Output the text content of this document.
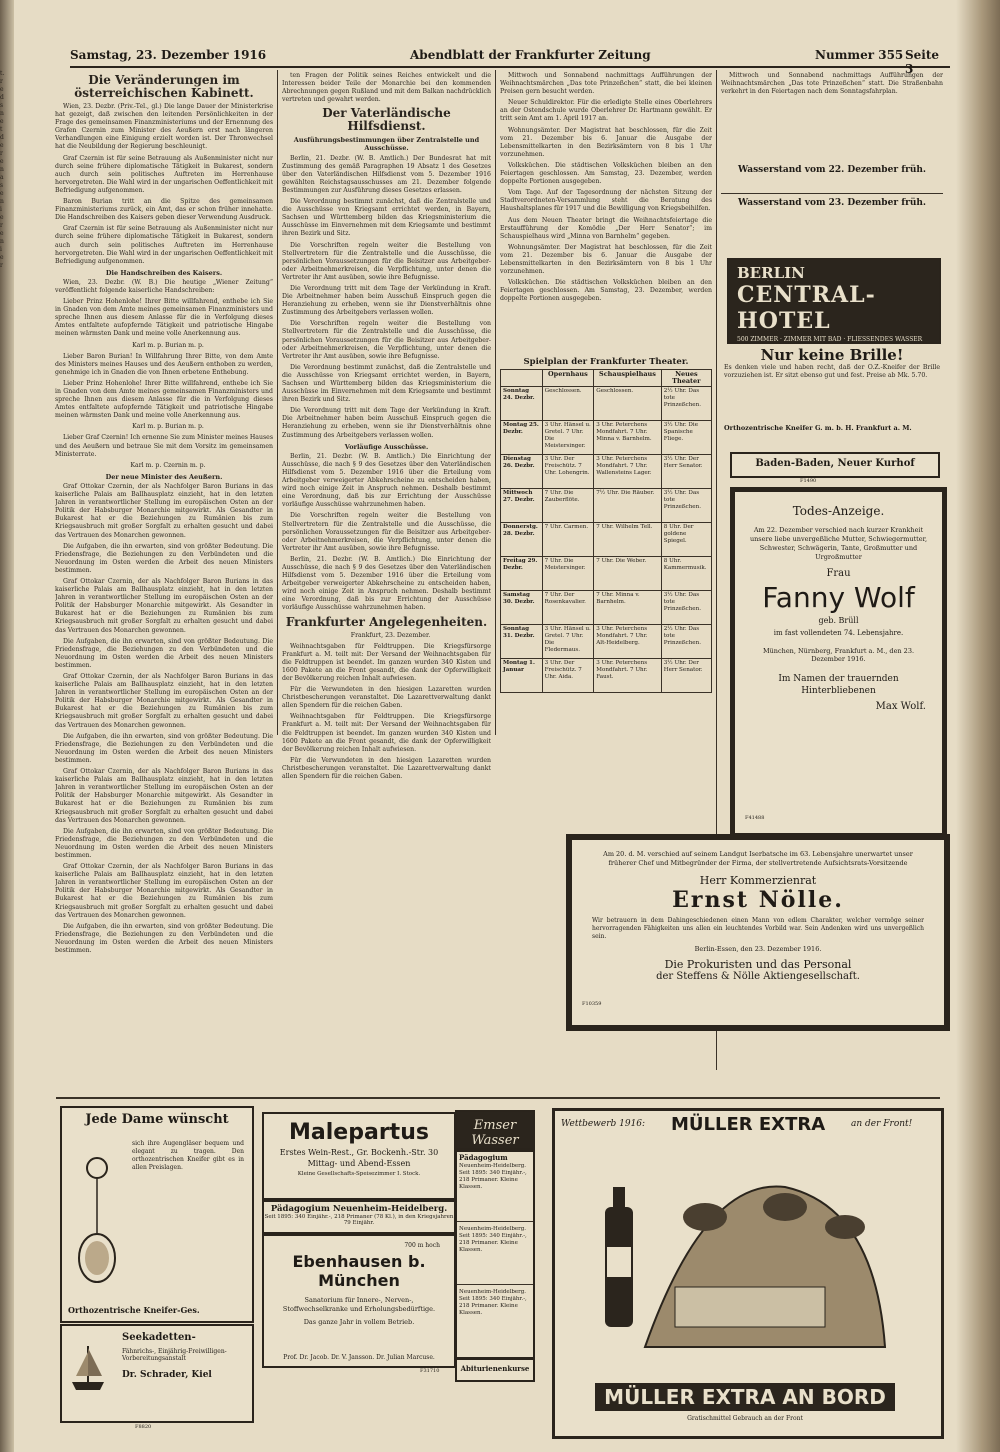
t.
r
e
d
s
n
e
t
d
e
r
e
n
a
s
e
n
i
e
r
e
n
i
e
r
Samstag, 23. Dezember 1916	Abendblatt der Frankfurter Zeitung	Nummer 355 Seite 3
Die Veränderungen im österreichischen Kabinett.

Wien, 23. Dezbr. (Priv.-Tel., gl.) Die lange Dauer der Ministerkrise hat gezeigt, daß zwischen den leitenden Persönlichkeiten in der Frage des gemeinsamen Finanzministeriums und der Ernennung des Grafen Czernin zum Minister des Aeußern erst nach längeren Verhandlungen eine Einigung erzielt worden ist. Der Thronwechsel hat die Neubildung der Regierung beschleunigt.

Graf Czernin ist für seine Betrauung als Außenminister nicht nur durch seine frühere diplomatische Tätigkeit in Bukarest, sondern auch durch sein politisches Auftreten im Herrenhause hervorgetreten. Die Wahl wird in der ungarischen Oeffentlichkeit mit Befriedigung aufgenommen.

Baron Burian tritt an die Spitze des gemeinsamen Finanzministeriums zurück, ein Amt, das er schon früher innehatte. Die Handschreiben des Kaisers geben dieser Verwendung Ausdruck.

Graf Czernin ist für seine Betrauung als Außenminister nicht nur durch seine frühere diplomatische Tätigkeit in Bukarest, sondern auch durch sein politisches Auftreten im Herrenhause hervorgetreten. Die Wahl wird in der ungarischen Oeffentlichkeit mit Befriedigung aufgenommen.

Die Handschreiben des Kaisers.

Wien, 23. Dezbr. (W. B.) Die heutige „Wiener Zeitung“ veröffentlicht folgende kaiserliche Handschreiben:

Lieber Prinz Hohenlohe! Ihrer Bitte willfahrend, enthebe ich Sie in Gnaden von dem Amte meines gemeinsamen Finanzministers und spreche Ihnen aus diesem Anlasse für die in Verfolgung dieses Amtes entfaltete aufopfernde Tätigkeit und patriotische Hingabe meinen wärmsten Dank und meine volle Anerkennung aus.

Karl m. p. Burian m. p.

Lieber Baron Burian! In Willfahrung Ihrer Bitte, von dem Amte des Ministers meines Hauses und des Aeußern enthoben zu werden, genehmige ich in Gnaden die von Ihnen erbetene Enthebung.

Lieber Prinz Hohenlohe! Ihrer Bitte willfahrend, enthebe ich Sie in Gnaden von dem Amte meines gemeinsamen Finanzministers und spreche Ihnen aus diesem Anlasse für die in Verfolgung dieses Amtes entfaltete aufopfernde Tätigkeit und patriotische Hingabe meinen wärmsten Dank und meine volle Anerkennung aus.

Karl m. p. Burian m. p.

Lieber Graf Czernin! Ich ernenne Sie zum Minister meines Hauses und des Aeußern und betraue Sie mit dem Vorsitz im gemeinsamen Ministerrate.

Karl m. p. Czernin m. p.

Der neue Minister des Aeußern.

Graf Ottokar Czernin, der als Nachfolger Baron Burians in das kaiserliche Palais am Ballhausplatz einzieht, hat in den letzten Jahren in verantwortlicher Stellung im europäischen Osten an der Politik der Habsburger Monarchie mitgewirkt. Als Gesandter in Bukarest hat er die Beziehungen zu Rumänien bis zum Kriegsausbruch mit großer Sorgfalt zu erhalten gesucht und dabei das Vertrauen des Monarchen gewonnen.

Die Aufgaben, die ihn erwarten, sind von größter Bedeutung. Die Friedensfrage, die Beziehungen zu den Verbündeten und die Neuordnung im Osten werden die Arbeit des neuen Ministers bestimmen.

Graf Ottokar Czernin, der als Nachfolger Baron Burians in das kaiserliche Palais am Ballhausplatz einzieht, hat in den letzten Jahren in verantwortlicher Stellung im europäischen Osten an der Politik der Habsburger Monarchie mitgewirkt. Als Gesandter in Bukarest hat er die Beziehungen zu Rumänien bis zum Kriegsausbruch mit großer Sorgfalt zu erhalten gesucht und dabei das Vertrauen des Monarchen gewonnen.

Die Aufgaben, die ihn erwarten, sind von größter Bedeutung. Die Friedensfrage, die Beziehungen zu den Verbündeten und die Neuordnung im Osten werden die Arbeit des neuen Ministers bestimmen.

Graf Ottokar Czernin, der als Nachfolger Baron Burians in das kaiserliche Palais am Ballhausplatz einzieht, hat in den letzten Jahren in verantwortlicher Stellung im europäischen Osten an der Politik der Habsburger Monarchie mitgewirkt. Als Gesandter in Bukarest hat er die Beziehungen zu Rumänien bis zum Kriegsausbruch mit großer Sorgfalt zu erhalten gesucht und dabei das Vertrauen des Monarchen gewonnen.

Die Aufgaben, die ihn erwarten, sind von größter Bedeutung. Die Friedensfrage, die Beziehungen zu den Verbündeten und die Neuordnung im Osten werden die Arbeit des neuen Ministers bestimmen.

Graf Ottokar Czernin, der als Nachfolger Baron Burians in das kaiserliche Palais am Ballhausplatz einzieht, hat in den letzten Jahren in verantwortlicher Stellung im europäischen Osten an der Politik der Habsburger Monarchie mitgewirkt. Als Gesandter in Bukarest hat er die Beziehungen zu Rumänien bis zum Kriegsausbruch mit großer Sorgfalt zu erhalten gesucht und dabei das Vertrauen des Monarchen gewonnen.

Die Aufgaben, die ihn erwarten, sind von größter Bedeutung. Die Friedensfrage, die Beziehungen zu den Verbündeten und die Neuordnung im Osten werden die Arbeit des neuen Ministers bestimmen.

Graf Ottokar Czernin, der als Nachfolger Baron Burians in das kaiserliche Palais am Ballhausplatz einzieht, hat in den letzten Jahren in verantwortlicher Stellung im europäischen Osten an der Politik der Habsburger Monarchie mitgewirkt. Als Gesandter in Bukarest hat er die Beziehungen zu Rumänien bis zum Kriegsausbruch mit großer Sorgfalt zu erhalten gesucht und dabei das Vertrauen des Monarchen gewonnen.

Die Aufgaben, die ihn erwarten, sind von größter Bedeutung. Die Friedensfrage, die Beziehungen zu den Verbündeten und die Neuordnung im Osten werden die Arbeit des neuen Ministers bestimmen.

ten Fragen der Politik seines Reiches entwickelt und die Interessen beider Teile der Monarchie bei den kommenden Abrechnungen gegen Rußland und mit dem Balkan nachdrücklich vertreten und gewahrt werden.

Der Vaterländische Hilfsdienst.
Ausführungsbestimmungen über Zentralstelle und Ausschüsse.

Berlin, 21. Dezbr. (W. B. Amtlich.) Der Bundesrat hat mit Zustimmung des gemäß Paragraphen 19 Absatz 1 des Gesetzes über den Vaterländischen Hilfsdienst vom 5. Dezember 1916 gewählten Reichstagsausschusses am 21. Dezember folgende Bestimmungen zur Ausführung dieses Gesetzes erlassen.

Die Verordnung bestimmt zunächst, daß die Zentralstelle und die Ausschüsse von Kriegsamt errichtet werden, in Bayern, Sachsen und Württemberg bilden das Kriegsministerium die Ausschüsse im Einvernehmen mit dem Kriegsamte und bestimmt ihren Bezirk und Sitz.

Die Vorschriften regeln weiter die Bestellung von Stellvertretern für die Zentralstelle und die Ausschüsse, die persönlichen Voraussetzungen für die Beisitzer aus Arbeitgeber- oder Arbeitnehmerkreisen, die Verpflichtung, unter denen die Vertreter ihr Amt ausüben, sowie ihre Befugnisse.

Die Verordnung tritt mit dem Tage der Verkündung in Kraft. Die Arbeitnehmer haben beim Ausschuß Einspruch gegen die Heranziehung zu erheben, wenn sie ihr Dienstverhältnis ohne Zustimmung des Arbeitgebers verlassen wollen.

Die Vorschriften regeln weiter die Bestellung von Stellvertretern für die Zentralstelle und die Ausschüsse, die persönlichen Voraussetzungen für die Beisitzer aus Arbeitgeber- oder Arbeitnehmerkreisen, die Verpflichtung, unter denen die Vertreter ihr Amt ausüben, sowie ihre Befugnisse.

Die Verordnung bestimmt zunächst, daß die Zentralstelle und die Ausschüsse von Kriegsamt errichtet werden, in Bayern, Sachsen und Württemberg bilden das Kriegsministerium die Ausschüsse im Einvernehmen mit dem Kriegsamte und bestimmt ihren Bezirk und Sitz.

Die Verordnung tritt mit dem Tage der Verkündung in Kraft. Die Arbeitnehmer haben beim Ausschuß Einspruch gegen die Heranziehung zu erheben, wenn sie ihr Dienstverhältnis ohne Zustimmung des Arbeitgebers verlassen wollen.

Vorläufige Ausschüsse.

Berlin, 21. Dezbr. (W. B. Amtlich.) Die Einrichtung der Ausschüsse, die nach § 9 des Gesetzes über den Vaterländischen Hilfsdienst vom 5. Dezember 1916 über die Erteilung vom Arbeitgeber verweigerter Abkehrscheine zu entscheiden haben, wird noch einige Zeit in Anspruch nehmen. Deshalb bestimmt eine Verordnung, daß bis zur Errichtung der Ausschüsse vorläufige Ausschüsse wahrzunehmen haben.

Die Vorschriften regeln weiter die Bestellung von Stellvertretern für die Zentralstelle und die Ausschüsse, die persönlichen Voraussetzungen für die Beisitzer aus Arbeitgeber- oder Arbeitnehmerkreisen, die Verpflichtung, unter denen die Vertreter ihr Amt ausüben, sowie ihre Befugnisse.

Berlin, 21. Dezbr. (W. B. Amtlich.) Die Einrichtung der Ausschüsse, die nach § 9 des Gesetzes über den Vaterländischen Hilfsdienst vom 5. Dezember 1916 über die Erteilung vom Arbeitgeber verweigerter Abkehrscheine zu entscheiden haben, wird noch einige Zeit in Anspruch nehmen. Deshalb bestimmt eine Verordnung, daß bis zur Errichtung der Ausschüsse vorläufige Ausschüsse wahrzunehmen haben.

Frankfurter Angelegenheiten.

Frankfurt, 23. Dezember.

Weihnachtsgaben für Feldtruppen. Die Kriegsfürsorge Frankfurt a. M. teilt mit: Der Versand der Weihnachtsgaben für die Feldtruppen ist beendet. Im ganzen wurden 340 Kisten und 1600 Pakete an die Front gesandt, die dank der Opferwilligkeit der Bevölkerung reichen Inhalt aufwiesen.

Für die Verwundeten in den hiesigen Lazaretten wurden Christbescherungen veranstaltet. Die Lazarettverwaltung dankt allen Spendern für die reichen Gaben.

Weihnachtsgaben für Feldtruppen. Die Kriegsfürsorge Frankfurt a. M. teilt mit: Der Versand der Weihnachtsgaben für die Feldtruppen ist beendet. Im ganzen wurden 340 Kisten und 1600 Pakete an die Front gesandt, die dank der Opferwilligkeit der Bevölkerung reichen Inhalt aufwiesen.

Für die Verwundeten in den hiesigen Lazaretten wurden Christbescherungen veranstaltet. Die Lazarettverwaltung dankt allen Spendern für die reichen Gaben.

Mittwoch und Sonnabend nachmittags Aufführungen der Weihnachtsmärchen „Das tote Prinzeßchen“ statt, die bei kleinen Preisen gern besucht werden.

Neuer Schuldirektor. Für die erledigte Stelle eines Oberlehrers an der Ostendschule wurde Oberlehrer Dr. Hartmann gewählt. Er tritt sein Amt am 1. April 1917 an.

Wohnungsämter. Der Magistrat hat beschlossen, für die Zeit vom 21. Dezember bis 6. Januar die Ausgabe der Lebensmittelkarten in den Bezirksämtern von 8 bis 1 Uhr vorzunehmen.

Volksküchen. Die städtischen Volksküchen bleiben an den Feiertagen geschlossen. Am Samstag, 23. Dezember, werden doppelte Portionen ausgegeben.

Vom Tage. Auf der Tagesordnung der nächsten Sitzung der Stadtverordneten-Versammlung steht die Beratung des Haushaltsplanes für 1917 und die Bewilligung von Kriegsbeihilfen.

Aus dem Neuen Theater bringt die Weihnachtsfeiertage die Erstaufführung der Komödie „Der Herr Senator“; im Schauspielhaus wird „Minna von Barnhelm“ gegeben.

Wohnungsämter. Der Magistrat hat beschlossen, für die Zeit vom 21. Dezember bis 6. Januar die Ausgabe der Lebensmittelkarten in den Bezirksämtern von 8 bis 1 Uhr vorzunehmen.

Volksküchen. Die städtischen Volksküchen bleiben an den Feiertagen geschlossen. Am Samstag, 23. Dezember, werden doppelte Portionen ausgegeben.

Spielplan der Frankfurter Theater.
	Opernhaus	Schauspielhaus	Neues Theater
Sonntag 24. Dezbr.	Geschlossen.	Geschlossen.	2½ Uhr. Das tote Prinzeßchen.
Montag 25. Dezbr.	3 Uhr. Hänsel u. Gretel. 7 Uhr. Die Meistersinger.	3 Uhr. Peterchens Mondfahrt. 7 Uhr. Minna v. Barnhelm.	3½ Uhr. Die Spanische Fliege.
Dienstag 26. Dezbr.	3 Uhr. Der Freischütz. 7 Uhr. Lohengrin.	3 Uhr. Peterchens Mondfahrt. 7 Uhr. Wallensteins Lager.	3½ Uhr. Der Herr Senator.
Mittwoch 27. Dezbr.	7 Uhr. Die Zauberflöte.	7½ Uhr. Die Räuber.	3½ Uhr. Das tote Prinzeßchen.
Donnerstg. 28. Dezbr.	7 Uhr. Carmen.	7 Uhr. Wilhelm Tell.	8 Uhr. Der goldene Spiegel.
Freitag 29. Dezbr.	7 Uhr. Die Meistersinger.	7 Uhr. Die Weber.	8 Uhr. Kammermusik.
Samstag 30. Dezbr.	7 Uhr. Der Rosenkavalier.	7 Uhr. Minna v. Barnhelm.	3½ Uhr. Das tote Prinzeßchen.
Sonntag 31. Dezbr.	3 Uhr. Hänsel u. Gretel. 7 Uhr. Die Fledermaus.	3 Uhr. Peterchens Mondfahrt. 7 Uhr. Alt-Heidelberg.	2½ Uhr. Das tote Prinzeßchen.
Montag 1. Januar	3 Uhr. Der Freischütz. 7 Uhr. Aida.	3 Uhr. Peterchens Mondfahrt. 7 Uhr. Faust.	3½ Uhr. Der Herr Senator.

Mittwoch und Sonnabend nachmittags Aufführungen der Weihnachtsmärchen „Das tote Prinzeßchen“ statt. Die Straßenbahn verkehrt in den Feiertagen nach dem Sonntagsfahrplan.

Wasserstand vom 22. Dezember früh.
Wasserstand vom 23. Dezember früh.
BERLIN
CENTRAL-HOTEL
500 ZIMMER · ZIMMER MIT BAD · FLIESSENDES WASSER
Nur keine Brille!
Es denken viele und haben recht, daß der O.Z.-Kneifer der Brille vorzuziehen ist. Er sitzt ebenso gut und fest. Preise ab Mk. 5.70.
Orthozentrische Kneifer G. m. b. H. Frankfurt a. M.
Baden-Baden, Neuer Kurhof
F1490
Todes-Anzeige.
Am 22. Dezember verschied nach kurzer Krankheit unsere liebe unvergeßliche Mutter, Schwiegermutter, Schwester, Schwägerin, Tante, Großmutter und Urgroßmutter
Frau
Fanny Wolf
geb. Brüll
im fast vollendeten 74. Lebensjahre.
München, Nürnberg, Frankfurt a. M., den 23. Dezember 1916.
Im Namen der trauernden Hinterbliebenen
Max Wolf.
F41488
Am 20. d. M. verschied auf seinem Landgut Iserbatsche im 63. Lebensjahre unerwartet unser früherer Chef und Mitbegründer der Firma, der stellvertretende Aufsichtsrats-Vorsitzende
Herr Kommerzienrat
Ernst Nölle.
Wir betrauern in dem Dahingeschiedenen einen Mann von edlem Charakter, welcher vermöge seiner hervorragenden Fähigkeiten uns allen ein leuchtendes Vorbild war. Sein Andenken wird uns unvergeßlich sein.
Berlin-Essen, den 23. Dezember 1916.
Die Prokuristen und das Personal
der Steffens & Nölle Aktiengesellschaft.
F10359
Jede Dame wünscht
sich ihre Augengläser bequem und elegant zu tragen. Den orthozentrischen Kneifer gibt es in allen Preislagen.
Orthozentrische Kneifer-Ges.
Seekadetten-
Fähnrichs-, Einjährig-Freiwilligen-Vorbereitungsanstalt
Dr. Schrader, Kiel
F8820
Malepartus
Erstes Wein-Rest., Gr. Bockenh.-Str. 30
Mittag- und Abend-Essen
Kleine Gesellschafts-Speisezimmer I. Stock.
Pädagogium Neuenheim-Heidelberg.
Seit 1895: 340 Einjähr.-, 218 Primaner (78 Kl.), in den Kriegsjahren 79 Einjähr.
700 m hoch
Ebenhausen b. München
Sanatorium für Innere-, Nerven-, Stoffwechselkranke und Erholungsbedürftige.
Das ganze Jahr in vollem Betrieb.
Prof. Dr. Jacob. Dr. V. Jansson. Dr. Julian Marcuse.
F31710
Emser Wasser
Pädagogium
Neuenheim-Heidelberg. Seit 1895: 340 Einjähr.-, 218 Primaner. Kleine Klassen.
Neuenheim-Heidelberg. Seit 1895: 340 Einjähr.-, 218 Primaner. Kleine Klassen.
Neuenheim-Heidelberg. Seit 1895: 340 Einjähr.-, 218 Primaner. Kleine Klassen.
Abiturienenkurse
Wettbewerb 1916: MÜLLER EXTRA	an der Front!
MÜLLER EXTRA AN BORD
Gratischmittel Gebrauch an der Front
